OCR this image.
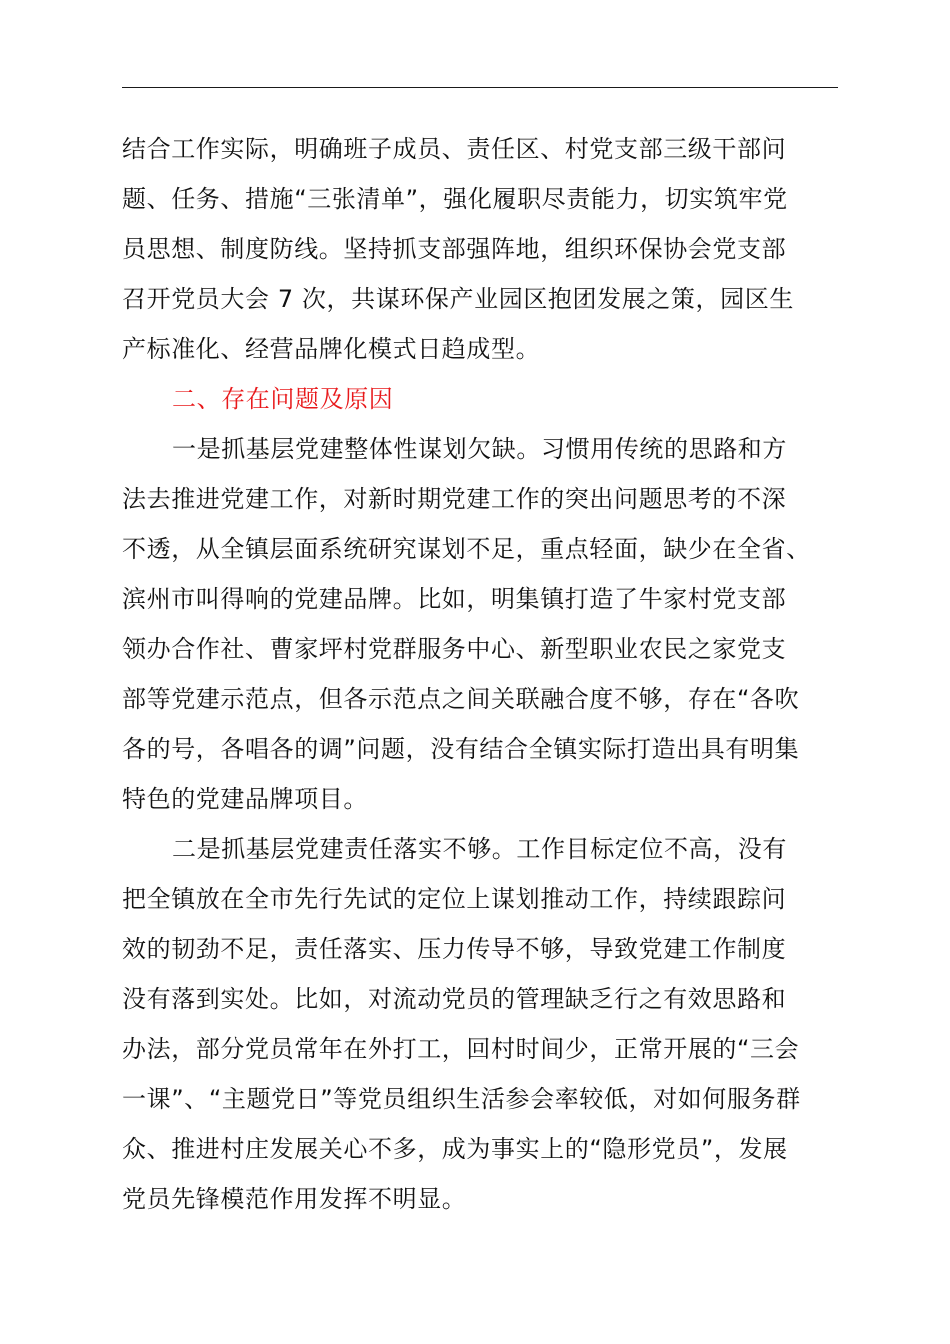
结合工作实际，明确班子成员、责任区、村党支部三级干部问
题、任务、措施“三张清单”，强化履职尽责能力，切实筑牢党
员思想、制度防线。坚持抓支部强阵地，组织环保协会党支部
召开党员大会 7 次，共谋环保产业园区抱团发展之策，园区生
产标准化、经营品牌化模式日趋成型。
二、存在问题及原因
一是抓基层党建整体性谋划欠缺。习惯用传统的思路和方
法去推进党建工作，对新时期党建工作的突出问题思考的不深
不透，从全镇层面系统研究谋划不足，重点轻面，缺少在全省、
滨州市叫得响的党建品牌。比如，明集镇打造了牛家村党支部
领办合作社、曹家坪村党群服务中心、新型职业农民之家党支
部等党建示范点，但各示范点之间关联融合度不够，存在“各吹
各的号，各唱各的调”问题，没有结合全镇实际打造出具有明集
特色的党建品牌项目。
二是抓基层党建责任落实不够。工作目标定位不高，没有
把全镇放在全市先行先试的定位上谋划推动工作，持续跟踪问
效的韧劲不足，责任落实、压力传导不够，导致党建工作制度
没有落到实处。比如，对流动党员的管理缺乏行之有效思路和
办法，部分党员常年在外打工，回村时间少，正常开展的“三会
一课”、“主题党日”等党员组织生活参会率较低，对如何服务群
众、推进村庄发展关心不多，成为事实上的“隐形党员”，发展
党员先锋模范作用发挥不明显。
